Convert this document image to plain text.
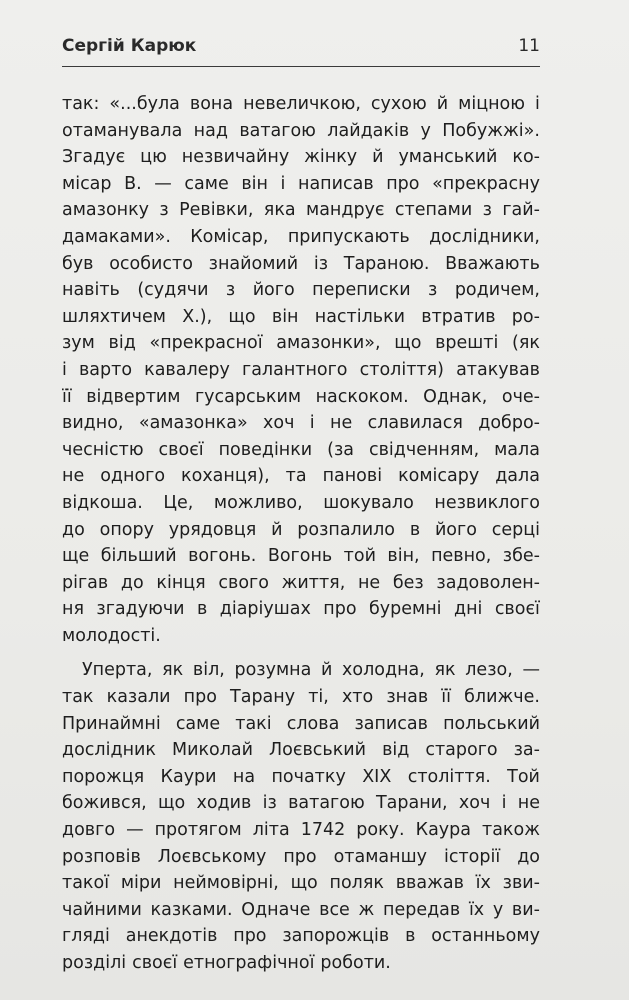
Сергій Карюк	11
так: «...була вона невеличкою, сухою й міцною і
отаманувала над ватагою лайдаків у Побужжі».
Згадує цю незвичайну жінку й уманський ко-
місар В. — саме він і написав про «прекрасну
амазонку з Ревівки, яка мандрує степами з гай-
дамаками». Комісар, припускають дослідники,
був особисто знайомий із Тараною. Вважають
навіть (судячи з його переписки з родичем,
шляхтичем Х.), що він настільки втратив ро-
зум від «прекрасної амазонки», що врешті (як
і варто кавалеру галантного століття) атакував
її відвертим гусарським наскоком. Однак, оче-
видно, «амазонка» хоч і не славилася добро-
чесністю своєї поведінки (за свідченням, мала
не одного коханця), та панові комісару дала
відкоша. Це, можливо, шокувало незвиклого
до опору урядовця й розпалило в його серці
ще більший вогонь. Вогонь той він, певно, збе-
рігав до кінця свого життя, не без задоволен-
ня згадуючи в діаріушах про буремні дні своєї
молодості.
Уперта, як віл, розумна й холодна, як лезо, —
так казали про Тарану ті, хто знав її ближче.
Принаймні саме такі слова записав польський
дослідник Миколай Лоєвський від старого за-
порожця Каури на початку XIX століття. Той
божився, що ходив із ватагою Тарани, хоч і не
довго — протягом літа 1742 року. Каура також
розповів Лоєвському про отаманшу історії до
такої міри неймовірні, що поляк вважав їх зви-
чайними казками. Одначе все ж передав їх у ви-
гляді анекдотів про запорожців в останньому
розділі своєї етнографічної роботи.
